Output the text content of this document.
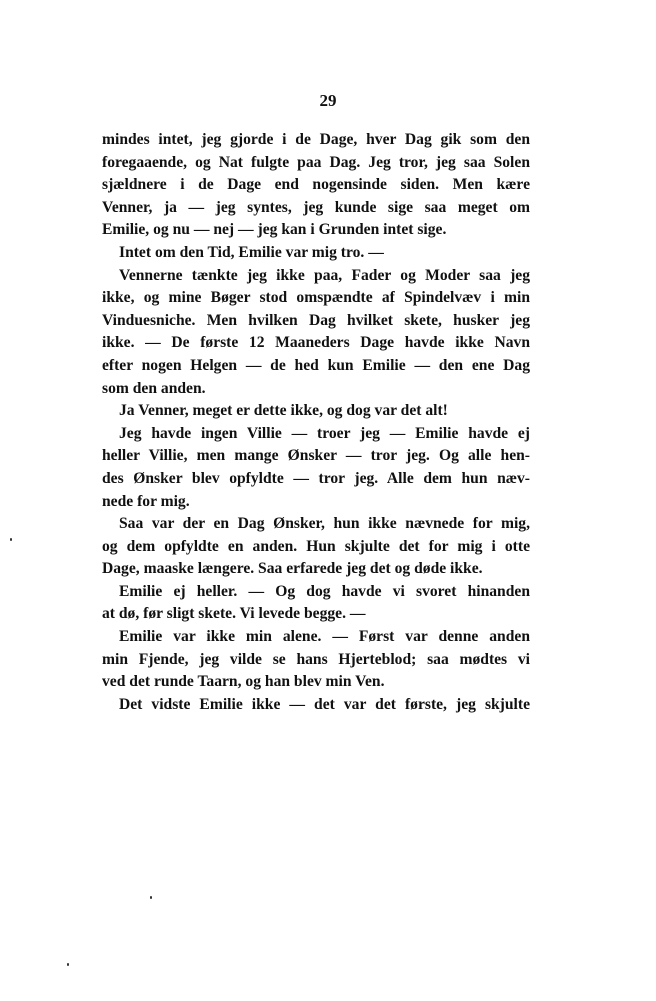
29
mindes intet, jeg gjorde i de Dage, hver Dag gik som den
foregaaende, og Nat fulgte paa Dag. Jeg tror, jeg saa Solen
sjældnere i de Dage end nogensinde siden. Men kære
Venner, ja — jeg syntes, jeg kunde sige saa meget om
Emilie, og nu — nej — jeg kan i Grunden intet sige.
Intet om den Tid, Emilie var mig tro. —
Vennerne tænkte jeg ikke paa, Fader og Moder saa jeg
ikke, og mine Bøger stod omspændte af Spindelvæv i min
Vinduesniche. Men hvilken Dag hvilket skete, husker jeg
ikke. — De første 12 Maaneders Dage havde ikke Navn
efter nogen Helgen — de hed kun Emilie — den ene Dag
som den anden.
Ja Venner, meget er dette ikke, og dog var det alt!
Jeg havde ingen Villie — troer jeg — Emilie havde ej
heller Villie, men mange Ønsker — tror jeg. Og alle hen-
des Ønsker blev opfyldte — tror jeg. Alle dem hun næv-
nede for mig.
Saa var der en Dag Ønsker, hun ikke nævnede for mig,
og dem opfyldte en anden. Hun skjulte det for mig i otte
Dage, maaske længere. Saa erfarede jeg det og døde ikke.
Emilie ej heller. — Og dog havde vi svoret hinanden
at dø, før sligt skete. Vi levede begge. —
Emilie var ikke min alene. — Først var denne anden
min Fjende, jeg vilde se hans Hjerteblod; saa mødtes vi
ved det runde Taarn, og han blev min Ven.
Det vidste Emilie ikke — det var det første, jeg skjulte
